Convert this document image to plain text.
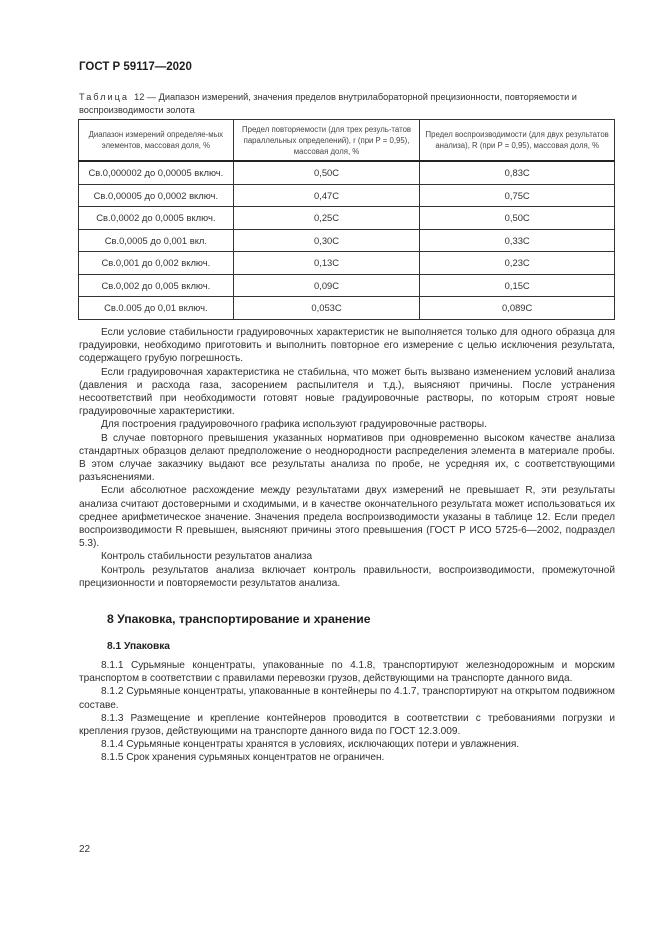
ГОСТ Р 59117—2020
Таблица 12 — Диапазон измерений, значения пределов внутрилабораторной прецизионности, повторяемости и воспроизводимости золота
Диапазон измерений определяе-мых элементов, массовая доля, %	Предел повторяемости (для трех резуль-татов параллельных определений), r (при P = 0,95), массовая доля, %	Предел воспроизводимости (для двух результатов анализа), R (при P = 0,95), массовая доля, %
Св.0,000002 до 0,00005 включ.	0,50C	0,83C
Св.0,00005 до 0,0002 включ.	0,47C	0,75C
Св.0,0002 до 0,0005 включ.	0,25C	0,50C
Св.0,0005 до 0,001 вкл.	0,30C	0,33C
Св.0,001 до 0,002 включ.	0,13C	0,23C
Св.0,002 до 0,005 включ.	0,09C	0,15C
Св.0.005 до 0,01 включ.	0,053C	0,089C

Если условие стабильности градуировочных характеристик не выполняется только для одного образца для градуировки, необходимо приготовить и выполнить повторное его измерение с целью исключения результата, содержащего грубую погрешность.

Если градуировочная характеристика не стабильна, что может быть вызвано изменением условий анализа (давления и расхода газа, засорением распылителя и т.д.), выясняют причины. После устранения несоответствий при необходимости готовят новые градуировочные растворы, по которым строят новые градуировочные характеристики.

Для построения градуировочного графика используют градуировочные растворы.

В случае повторного превышения указанных нормативов при одновременно высоком качестве анализа стандартных образцов делают предположение о неоднородности распределения элемента в материале пробы. В этом случае заказчику выдают все результаты анализа по пробе, не усредняя их, с соответствующими разъяснениями.

Если абсолютное расхождение между результатами двух измерений не превышает R, эти результаты анализа считают достоверными и сходимыми, и в качестве окончательного результата может использоваться их среднее арифметическое значение. Значения предела воспроизводимости указаны в таблице 12. Если предел воспроизводимости R превышен, выясняют причины этого превышения (ГОСТ Р ИСО 5725-6—2002, подраздел 5.3).

Контроль стабильности результатов анализа

Контроль результатов анализа включает контроль правильности, воспроизводимости, промежуточной прецизионности и повторяемости результатов анализа.

8 Упаковка, транспортирование и хранение
8.1 Упаковка

8.1.1 Сурьмяные концентраты, упакованные по 4.1.8, транспортируют железнодорожным и морским транспортом в соответствии с правилами перевозки грузов, действующими на транспорте данного вида.

8.1.2 Сурьмяные концентраты, упакованные в контейнеры по 4.1.7, транспортируют на открытом подвижном составе.

8.1.3 Размещение и крепление контейнеров проводится в соответствии с требованиями погрузки и крепления грузов, действующими на транспорте данного вида по ГОСТ 12.3.009.

8.1.4 Сурьмяные концентраты хранятся в условиях, исключающих потери и увлажнения.

8.1.5 Срок хранения сурьмяных концентратов не ограничен.

22
